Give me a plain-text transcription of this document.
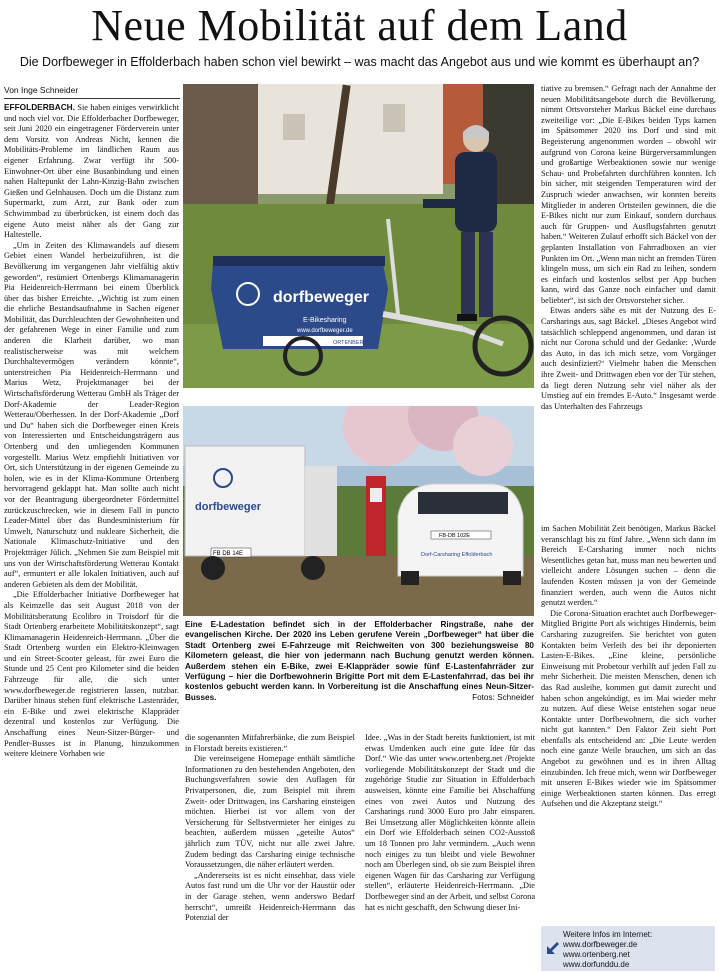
Neue Mobilität auf dem Land
Die Dorfbeweger in Effolderbach haben schon viel bewirkt – was macht das Angebot aus und wie kommt es überhaupt an?
Von Inge Schneider

EFFOLDERBACH. Sie haben einiges verwirklicht und noch viel vor. Die Effolderbacher Dorfbeweger, seit Juni 2020 ein eingetragener Förderverein unter dem Vorsitz von Andreas Nicht, kennen die Mobilitäts-Probleme im ländlichen Raum aus eigener Erfahrung. Zwar verfügt ihr 500-Einwohner-Ort über eine Busanbindung und einen nahen Haltepunkt der Lahn-Kinzig-Bahn zwischen Gießen und Gelnhausen. Doch um die Distanz zum Supermarkt, zum Arzt, zur Bank oder zum Schwimmbad zu überbrücken, ist einem doch das eigene Auto meist näher als der Gang zur Haltestelle.

„Um in Zeiten des Klimawandels auf diesem Gebiet einen Wandel herbeizuführen, ist die Bevölkerung im vergangenen Jahr vielfältig aktiv geworden“, resümiert Ortenbergs Klimamanagerin Pia Heidenreich-Herrmann bei einem Überblick über das bisher Erreichte. „Wichtig ist zum einen die ehrliche Bestandsaufnahme in Sachen eigener Mobilität, das Durchleuchten der Gewohnheiten und der gefahrenen Wege in einer Familie und zum anderen die Klarheit darüber, wo man realistischerweise was mit welchem Durchhaltevermögen verändern könnte“, unterstreichen Pia Heidenreich-Herrmann und Marius Wetz, Projektmanager bei der Wirtschaftsförderung Wetterau GmbH als Träger der Dorf-Akademie der Leader-Region Wetterau/Oberhessen. In der Dorf-Akademie „Dorf und Du“ haben sich die Dorfbeweger einen Kreis von Interessierten und Entscheidungsträgern aus Ortenberg und den umliegenden Kommunen vorgestellt. Marius Wetz empfiehlt Initiativen vor Ort, sich Unterstützung in der eigenen Gemeinde zu holen, wie es in der Klima-Kommune Ortenberg hervorragend geklappt hat. Man sollte auch nicht vor der Beantragung übergeordneter Fördermittel zurückzuschrecken, wie in diesem Fall in puncto Leader-Mittel über das Bundesministerium für Umwelt, Naturschutz und nukleare Sicherheit, die Nationale Klimaschutz-Initiative und den Projektträger Jülich. „Nehmen Sie zum Beispiel mit uns von der Wirtschaftsförderung Wetterau Kontakt auf“, ermuntert er alle lokalen Initiativen, auch auf anderen Gebieten als dem der Mobilität.

„Die Effolderbacher Initiative Dorfbeweger hat als Keimzelle das seit August 2018 von der Mobilitätsberatung Ecolibro in Troisdorf für die Stadt Ortenberg erarbeitete Mobilitätskonzept“, sagt Klimamanagerin Heidenreich-Herrmann. „Über die Stadt Ortenberg wurden ein Elektro-Kleinwagen und ein Street-Scooter geleast, für zwei Euro die Stunde und 25 Cent pro Kilometer sind die beiden Fahrzeuge für alle, die sich unter www.dorfbeweger.de registrieren lassen, nutzbar. Darüber hinaus stehen fünf elektrische Lastenräder, ein E-Bike und zwei elektrische Klappräder dezentral und kostenlos zur Verfügung. Die Anschaffung eines Neun-Sitzer-Bürger- und Pendler-Busses ist in Planung, hinzukommen weitere kleinere Vorhaben wie

dorfbeweger
E-Bikesharing
www.dorfbeweger.de
ORTENBERG
dorfbeweger
FB DB 14E
FB-DB 102E
Dorf-Carsharing Effolderbach
Eine E-Ladestation befindet sich in der Effolderbacher Ringstraße, nahe der evangelischen Kirche. Der 2020 ins Leben gerufene Verein „Dorfbeweger“ hat über die Stadt Ortenberg zwei E-Fahrzeuge mit Reichweiten von 300 beziehungsweise 80 Kilometern geleast, die hier von jedermann nach Buchung genutzt werden können. Außerdem stehen ein E-Bike, zwei E-Klappräder sowie fünf E-Lastenfahrräder zur Verfügung – hier die Dorfbewohnerin Brigitte Port mit dem E-Lastenfahrrad, das bei ihr kostenlos gebucht werden kann. In Vorbereitung ist die Anschaffung eines Neun-Sitzer-Busses.	Fotos: Schneider

die sogenannten Mitfahrerbänke, die zum Beispiel in Florstadt bereits existieren.“

Die vereinseigene Homepage enthält sämtliche Informationen zu den bestehenden Angeboten, den Buchungsverfahren sowie den Auflagen für Privatpersonen, die, zum Beispiel mit ihrem Zweit- oder Drittwagen, ins Carsharing einsteigen möchten. Hierbei ist vor allem von der Versicherung für Selbstvermieter her einiges zu beachten, außerdem müssen „geteilte Autos“ jährlich zum TÜV, nicht nur alle zwei Jahre. Zudem bedingt das Carsharing einige technische Voraussetzungen, die näher erläutert werden.

„Andererseits ist es nicht einsehbar, dass viele Autos fast rund um die Uhr vor der Haustür oder in der Garage stehen, wenn anderswo Bedarf herrscht“, umreißt Heidenreich-Herrmann das Potenzial der

Idee. „Was in der Stadt bereits funktioniert, ist mit etwas Umdenken auch eine gute Idee für das Dorf.“ Wie das unter www.ortenberg.net /Projekte vorliegende Mobilitätskonzept der Stadt und die zugehörige Studie zur Situation in Effolderbach ausweisen, könnte eine Familie bei Abschaffung eines von zwei Autos und Nutzung des Carsharings rund 3000 Euro pro Jahr einsparen. Bei Umsetzung aller Möglichkeiten könnte allein ein Dorf wie Effolderbach seinen CO2-Ausstoß um 18 Tonnen pro Jahr vermindern. „Auch wenn noch einiges zu tun bleibt und viele Bewohner noch am Überlegen sind, ob sie zum Beispiel ihren eigenen Wagen für das Carsharing zur Verfügung stellen“, erläuterte Heidenreich-Herrmann. „Die Dorfbeweger sind an der Arbeit, und selbst Corona hat es nicht geschafft, den Schwung dieser Ini-

tiative zu bremsen.“ Gefragt nach der Annahme der neuen Mobilitätsangebote durch die Bevölkerung, nimmt Ortsvorsteher Markus Bäckel eine durchaus zweiteilige vor: „Die E-Bikes beiden Typs kamen im Spätsommer 2020 ins Dorf und sind mit Begeisterung angenommen worden – obwohl wir aufgrund von Corona keine Bürgerversammlungen und großartige Werbeaktionen sowie nur wenige Schau- und Probefahrten durchführen konnten. Ich bin sicher, mit steigenden Temperaturen wird der Zuspruch wieder anwachsen, wir konnten bereits Mitglieder in anderen Ortsteilen gewinnen, die die E-Bikes nicht nur zum Einkauf, sondern durchaus auch für Gruppen- und Ausflugsfahrten genutzt haben.“ Weiteren Zulauf erhofft sich Bäckel von der geplanten Installation von Fahrradboxen an vier Punkten im Ort. „Wenn man nicht an fremden Türen klingeln muss, um sich ein Rad zu leihen, sondern es einfach und kostenlos selbst per App buchen kann, wird das Ganze noch einfacher und damit beliebter“, ist sich der Ortsvorsteher sicher.

Etwas anders sähe es mit der Nutzung des E-Carsharings aus, sagt Bäckel. „Dieses Angebot wird tatsächlich schleppend angenommen, und daran ist nicht nur Corona schuld und der Gedanke: ‚Wurde das Auto, in das ich mich setze, vom Vorgänger auch desinfiziert?‘ Vielmehr haben die Menschen ihre Zweit- und Drittwagen eben vor der Tür stehen, da liegt deren Nutzung sehr viel näher als der Umstieg auf ein fremdes E-Auto.“ Insgesamt werde das Unterhalten des Fahrzeugs

im Sachen Mobilität Zeit benötigen, Markus Bäckel veranschlagt bis zu fünf Jahre. „Wenn sich dann im Bereich E-Carsharing immer noch nichts Wesentliches getan hat, muss man neu bewerten und vielleicht andere Lösungen suchen – denn die laufenden Kosten müssen ja von der Gemeinde finanziert werden, auch wenn die Autos nicht genutzt werden.“

Die Corona-Situation erachtet auch Dorfbeweger-Mitglied Brigitte Port als wichtiges Hindernis, beim Carsharing zuzugreifen. Sie berichtet von guten Kontakten beim Verleih des bei ihr deponierten Lasten-E-Bikes. „Eine kleine, persönliche Einweisung mit Probetour verhilft auf jeden Fall zu mehr Sicherheit. Die meisten Menschen, denen ich das Rad ausleihe, kommen gut damit zurecht und haben schon angekündigt, es im Mai wieder mehr zu nutzen. Auf diese Weise entstehen sogar neue Kontakte unter Dorfbewohnern, die sich vorher nicht gut kannten.“ Den Faktor Zeit sieht Port ebenfalls als entscheidend an: „Die Leute werden noch eine ganze Weile brauchen, um sich an das Angebot zu gewöhnen und es in ihren Alltag einzubinden. Ich freue mich, wenn wir Dorfbeweger mit unseren E-Bikes wieder wie im Spätsommer einige Werbeaktionen starten können. Das erregt Aufsehen und die Akzeptanz steigt.“

Weitere Infos im Internet:
www.dorfbeweger.de
www.ortenberg.net
www.dorfunddu.de
